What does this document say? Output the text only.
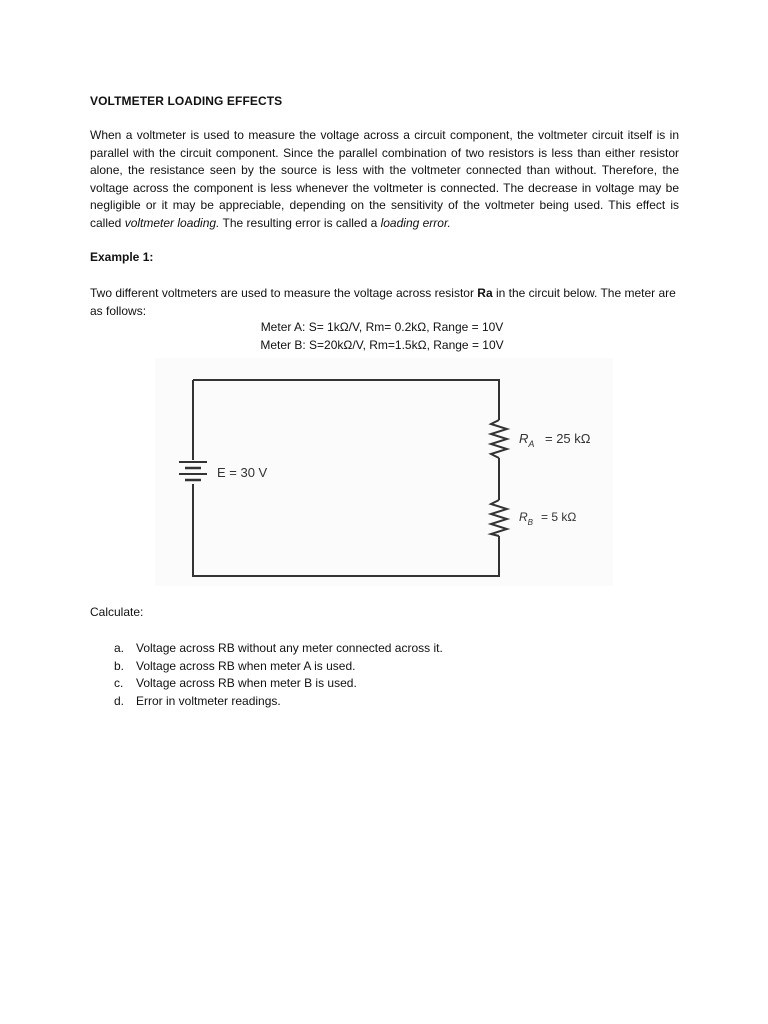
VOLTMETER LOADING EFFECTS
When a voltmeter is used to measure the voltage across a circuit component, the voltmeter circuit itself is in parallel with the circuit component. Since the parallel combination of two resistors is less than either resistor alone, the resistance seen by the source is less with the voltmeter connected than without. Therefore, the voltage across the component is less whenever the voltmeter is connected. The decrease in voltage may be negligible or it may be appreciable, depending on the sensitivity of the voltmeter being used. This effect is called voltmeter loading. The resulting error is called a loading error.
Example 1:
Two different voltmeters are used to measure the voltage across resistor Ra in the circuit below. The meter are as follows:
Meter A: S= 1kΩ/V, Rm= 0.2kΩ, Range = 10V
Meter B: S=20kΩ/V, Rm=1.5kΩ, Range = 10V
E = 30 V
$R_A = 25$ kΩ
$R_B = 5$ kΩ
Calculate:
a. Voltage across RB without any meter connected across it.
b. Voltage across RB when meter A is used.
c.	Voltage across RB when meter B is used.
d. Error in voltmeter readings.
